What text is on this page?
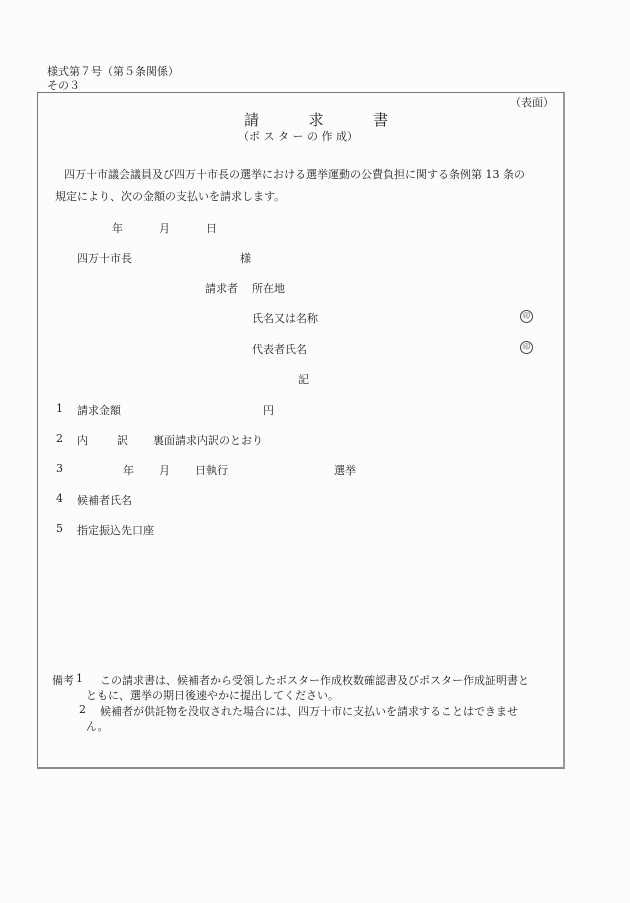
様式第７号（第５条関係）
その３
（表面）
請	求	書
（ポ ス タ ー の 作 成）
四万十市議会議員及び四万十市長の選挙における選挙運動の公費負担に関する条例第 13 条の
規定により、次の金額の支払いを請求します。
年	月	日
四万十市長	様
請求者 所在地
氏名又は名称	印
代表者氏名	印
記
1 請求金額	円
2 内	訳 裏面請求内訳のとおり
3	年 月 日執行	選挙
4 候補者氏名
5 指定振込先口座
備考 1 この請求書は、候補者から受領したポスター作成枚数確認書及びポスター作成証明書と
ともに、選挙の期日後速やかに提出してください。
2 候補者が供託物を没収された場合には、四万十市に支払いを請求することはできませ
ん。
